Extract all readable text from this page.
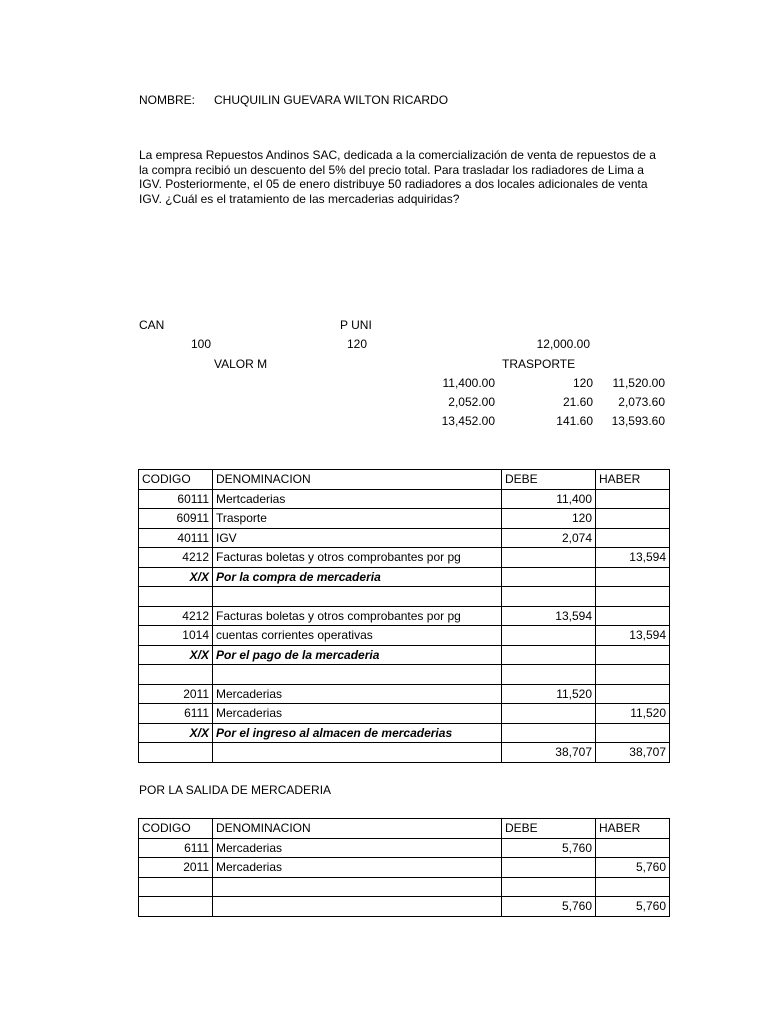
NOMBRE: CHUQUILIN GUEVARA WILTON RICARDO
La empresa Repuestos Andinos SAC, dedicada a la comercialización de venta de repuestos de a
la compra recibió un descuento del 5% del precio total. Para trasladar los radiadores de Lima a
IGV. Posteriormente, el 05 de enero distribuye 50 radiadores a dos locales adicionales de venta
IGV. ¿Cuál es el tratamiento de las mercaderias adquiridas?
CAN	P UNI
100	120	12,000.00
VALOR M	TRASPORTE
11,400.00	120	11,520.00
2,052.00	21.60	2,073.60
13,452.00	141.60	13,593.60
CODIGO	DENOMINACION	DEBE	HABER
60111	Mertcaderias	11,400	
60911	Trasporte	120	
40111	IGV	2,074	
4212	Facturas boletas y otros comprobantes por pg		13,594
X/X	Por la compra de mercaderia		

4212	Facturas boletas y otros comprobantes por pg	13,594	
1014	cuentas corrientes operativas		13,594
X/X	Por el pago de la mercaderia		

2011	Mercaderias	11,520	
6111	Mercaderias		11,520
X/X	Por el ingreso al almacen de mercaderias		
		38,707	38,707
POR LA SALIDA DE MERCADERIA
CODIGO	DENOMINACION	DEBE	HABER
6111	Mercaderias	5,760	
2011	Mercaderias		5,760

		5,760	5,760
